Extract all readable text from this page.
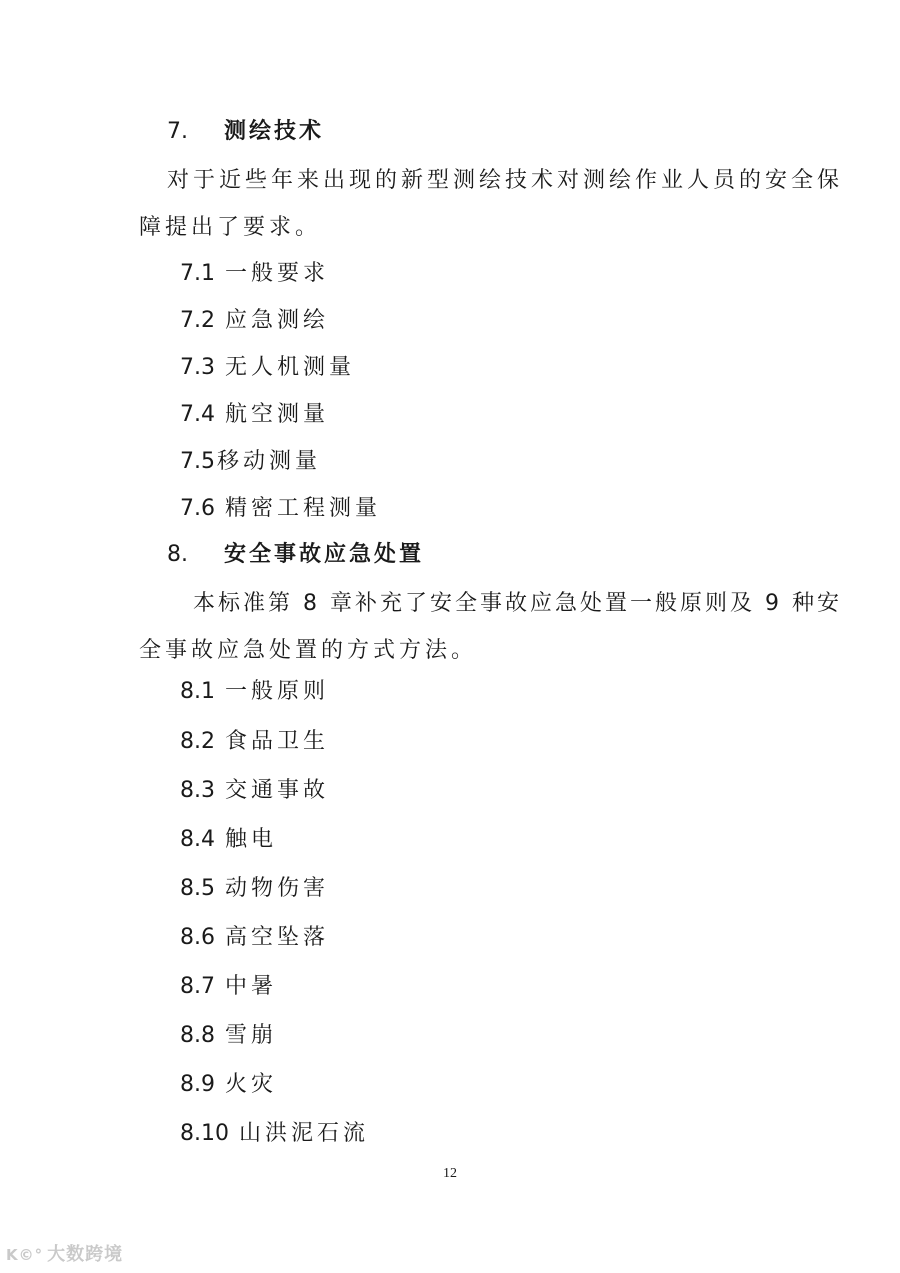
7. 测绘技术
对于近些年来出现的新型测绘技术对测绘作业人员的安全保
障提出了要求。
7.1 一般要求
7.2 应急测绘
7.3 无人机测量
7.4 航空测量
7.5移动测量
7.6 精密工程测量
8. 安全事故应急处置
本标准第 8 章补充了安全事故应急处置一般原则及 9 种安
全事故应急处置的方式方法。
8.1 一般原则
8.2 食品卫生
8.3 交通事故
8.4 触电
8.5 动物伤害
8.6 高空坠落
8.7 中暑
8.8 雪崩
8.9 火灾
8.10 山洪泥石流
12
K©° 大数跨境
